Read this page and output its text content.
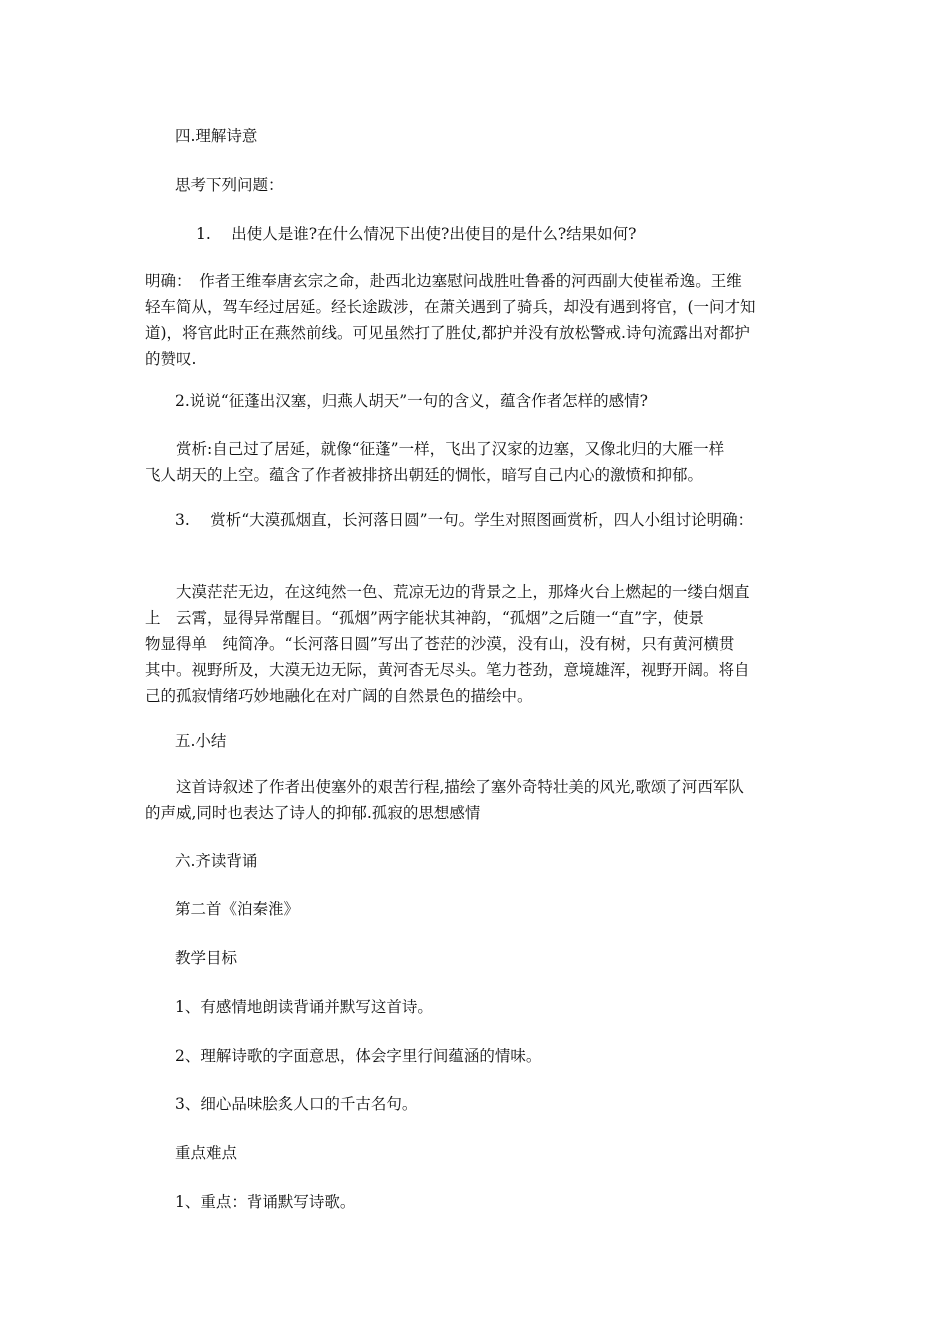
四.理解诗意
思考下列问题：
1.　 出使人是谁?在什么情况下出使?出使目的是什么?结果如何?
明确：　作者王维奉唐玄宗之命，赴西北边塞慰问战胜吐鲁番的河西副大使崔希逸。王维
轻车简从，驾车经过居延。经长途跋涉，在萧关遇到了骑兵，却没有遇到将官，(一问才知
道)，将官此时正在燕然前线。可见虽然打了胜仗,都护并没有放松警戒.诗句流露出对都护
的赞叹.
2.说说“征蓬出汉塞，归燕人胡天”一句的含义，蕴含作者怎样的感情?
　　赏析:自己过了居延，就像“征蓬”一样，飞出了汉家的边塞，又像北归的大雁一样
飞人胡天的上空。蕴含了作者被排挤出朝廷的惆怅，暗写自己内心的激愤和抑郁。
3.　 赏析“大漠孤烟直，长河落日圆”一句。学生对照图画赏析，四人小组讨论明确：
　　大漠茫茫无边，在这纯然一色、荒凉无边的背景之上，那烽火台上燃起的一缕白烟直
上　云霄，显得异常醒目。“孤烟”两字能状其神韵，“孤烟”之后随一“直”字，使景
物显得单　纯简净。“长河落日圆”写出了苍茫的沙漠，没有山，没有树，只有黄河横贯
其中。视野所及，大漠无边无际，黄河杳无尽头。笔力苍劲，意境雄浑，视野开阔。将自
己的孤寂情绪巧妙地融化在对广阔的自然景色的描绘中。
五.小结
　　这首诗叙述了作者出使塞外的艰苦行程,描绘了塞外奇特壮美的风光,歌颂了河西军队
的声威,同时也表达了诗人的抑郁.孤寂的思想感情
六.齐读背诵
第二首《泊秦淮》
教学目标
1、有感情地朗读背诵并默写这首诗。
2、理解诗歌的字面意思，体会字里行间蕴涵的情味。
3、细心品味脍炙人口的千古名句。
重点难点
1、重点：背诵默写诗歌。
